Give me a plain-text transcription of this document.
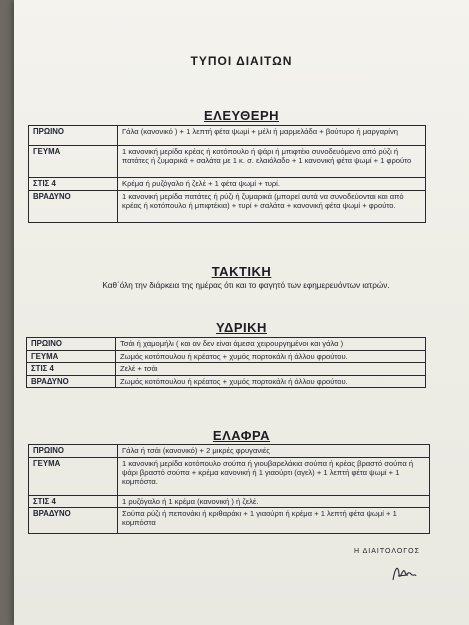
ΤΥΠΟΙ ΔΙΑΙΤΩΝ
ΕΛΕΥΘΕΡΗ
ΠΡΩΙΝΟ	Γάλα (κανονικό ) + 1 λεπτή φέτα ψωμί + μέλι ή μαρμελάδα + βούτυρο ή μαργαρίνη
ΓΕΥΜΑ	1 κανονική μερίδα κρέας ή κοτόπουλο ή ψάρι ή μπιφτέκι συνοδευόμενο από ρύζι ή πατάτες ή ζυμαρικά + σαλάτα με 1 κ. σ. ελαιόλαδο + 1 κανονική φέτα ψωμί + 1 φρούτο
ΣΤΙΣ 4	Κρέμα ή ρυζόγαλο ή ζελέ + 1 φέτα ψωμί + τυρί.
ΒΡΑΔΥΝΟ	1 κανονική μερίδα πατάτες ή ρύζι ή ζυμαρικά (μπορεί αυτά να συνοδεύονται και από κρέας ή κοτόπουλο ή μπιφτέκια) + τυρί + σαλάτα + κανονική φέτα ψωμί + φρούτο.
ΤΑΚΤΙΚΗ
Καθ΄όλη την διάρκεια της ημέρας ότι και το φαγητό των εφημερευόντων ιατρών.
ΥΔΡΙΚΗ
ΠΡΩΙΝΟ	Τσάι ή χαμομήλι ( και αν δεν είναι άμεσα χειρουργημένοι και γάλα )
ΓΕΥΜΑ	Ζωμός κοτόπουλου ή κρέατος + χυμός πορτοκάλι ή άλλου φρούτου.
ΣΤΙΣ 4	Ζελέ + τσάι
ΒΡΑΔΥΝΟ	Ζωμός κοτόπουλου ή κρέατος + χυμός πορτοκάλι ή άλλου φρούτου.
ΕΛΑΦΡΑ
ΠΡΩΙΝΟ	Γάλα ή τσάι (κανονικό) + 2 μικρές φρυγανιές
ΓΕΥΜΑ	1 κανονική μερίδα κοτόπουλο σούπα ή γιουβαρελάκια σούπα ή κρέας βραστό σούπα ή ψάρι βραστό σούπα + κρέμα κανονική ή 1 γιαούρτι (αγελ) + 1 λεπτή φέτα ψωμί + 1 κομπόστα.
ΣΤΙΣ 4	1 ρυζόγαλο ή 1 κρέμα (κανονική ) ή ζελέ.
ΒΡΑΔΥΝΟ	Σούπα ρύζι ή πεπονάκι ή κριθαράκι + 1 γιαούρτι ή κρέμα + 1 λεπτή φέτα ψωμί + 1 κομπόστα
Η ΔΙΑΙΤΟΛΟΓΟΣ
